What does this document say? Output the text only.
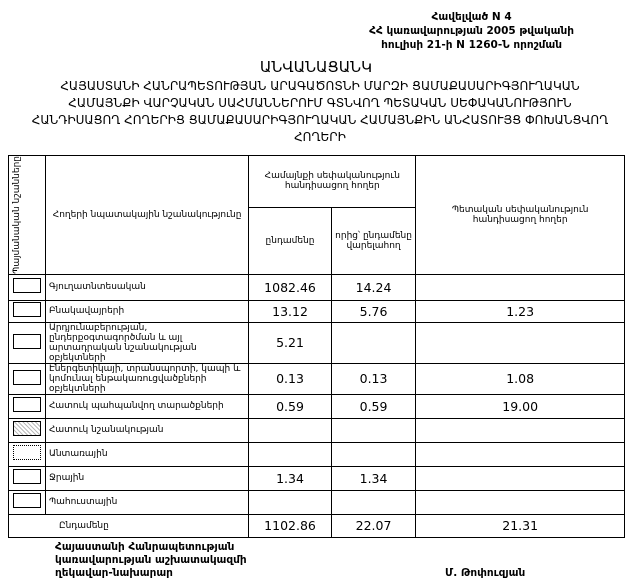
Հավելված N 4
ՀՀ կառավարության 2005 թվականի
հուլիսի 21-ի N 1260-Ն որոշման
ԱՆՎԱՆԱՑԱՆԿ
ՀԱՅԱՍՏԱՆԻ ՀԱՆՐԱՊԵՏՈՒԹՅԱՆ ԱՐԱԳԱԾՈՏՆԻ ՄԱՐԶԻ ՑԱՄԱՔԱՍԱՐԻԳՅՈՒՂԱԿԱՆ ՀԱՄԱՅՆՔԻ ՎԱՐՉԱԿԱՆ ՍԱՀՄԱՆՆԵՐՈՒՄ ԳՏՆՎՈՂ ՊԵՏԱԿԱՆ ՍԵՓԱԿԱՆՈՒԹՅՈՒՆ ՀԱՆԴԻՍԱՑՈՂ ՀՈՂԵՐԻՑ ՑԱՄԱՔԱՍԱՐԻԳՅՈՒՂԱԿԱՆ ՀԱՄԱՅՆՔԻՆ ԱՆՀԱՏՈՒՅՑ ՓՈԽԱՆՑՎՈՂ ՀՈՂԵՐԻ
Պայմանական նշանները	Հողերի նպատակային նշանակությունը	Համայնքի սեփականություն հանդիսացող հողեր		Պետական սեփականություն հանդիսացող հողեր
		ընդամենը	որից՝ ընդամենը վարելահող	
	Գյուղատնտեսական	1082.46	14.24	
	Բնակավայրերի	13.12	5.76	1.23
	Արդյունաբերության, ընդերքօգտագործման և այլ արտադրական նշանակության օբյեկտների	5.21		
	Էներգետիկայի, տրանսպորտի, կապի և կոմունալ ենթակառուցվածքների օբյեկտների	0.13	0.13	1.08
	Հատուկ պահպանվող տարածքների	0.59	0.59	19.00
	Հատուկ նշանակության			
	Անտառային			
	Ջրային	1.34	1.34	
	Պահուստային			
Ընդամենը		1102.86	22.07	21.31
Հայաստանի Հանրապետության
կառավարության աշխատակազմի
ղեկավար-նախարար	Մ. Թոփուզյան
